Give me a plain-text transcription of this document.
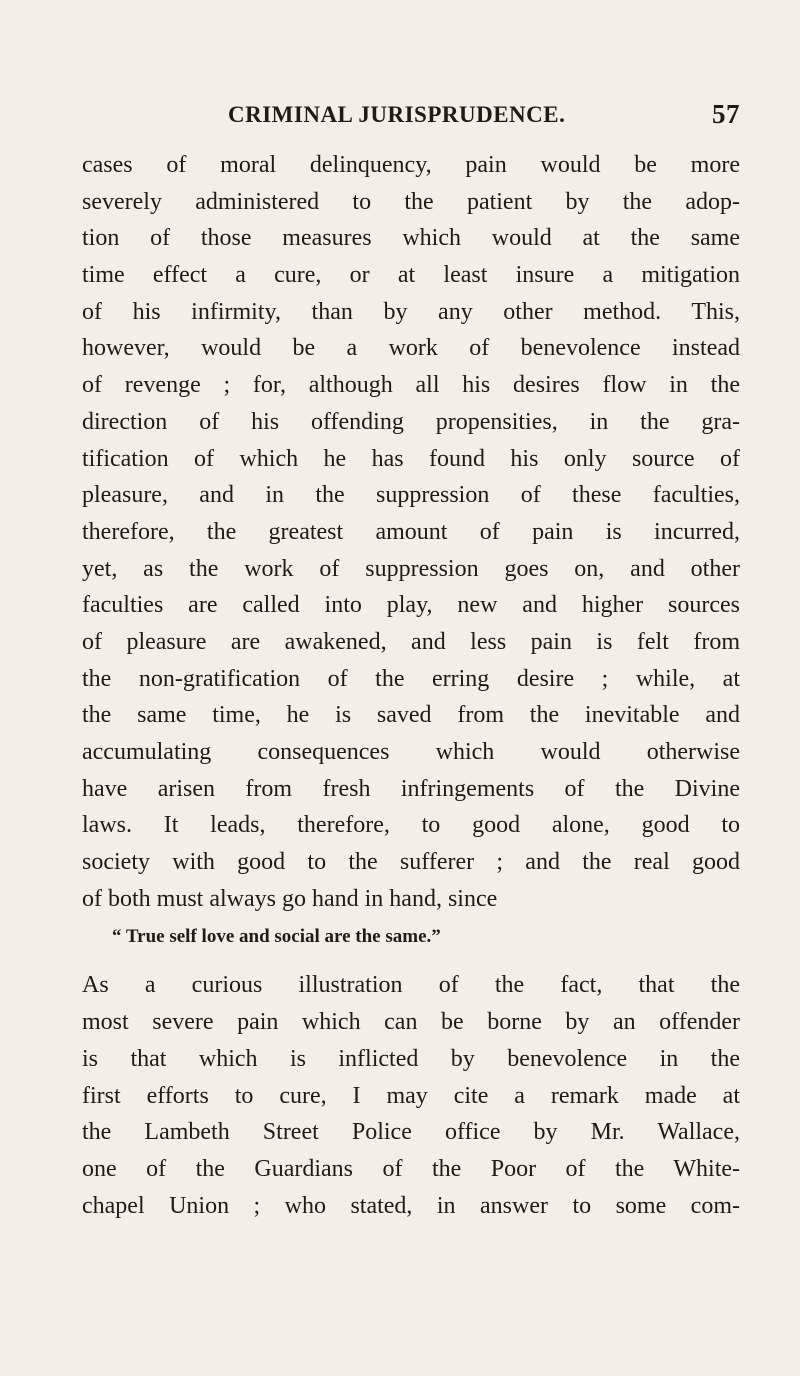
CRIMINAL JURISPRUDENCE.	57
cases of moral delinquency, pain would be more
severely administered to the patient by the adop-
tion of those measures which would at the same
time effect a cure, or at least insure a mitigation
of his infirmity, than by any other method. This,
however, would be a work of benevolence instead
of revenge ; for, although all his desires flow in the
direction of his offending propensities, in the gra-
tification of which he has found his only source of
pleasure, and in the suppression of these faculties,
therefore, the greatest amount of pain is incurred,
yet, as the work of suppression goes on, and other
faculties are called into play, new and higher sources
of pleasure are awakened, and less pain is felt from
the non-gratification of the erring desire ; while, at
the same time, he is saved from the inevitable and
accumulating consequences which would otherwise
have arisen from fresh infringements of the Divine
laws. It leads, therefore, to good alone, good to
society with good to the sufferer ; and the real good
of both must always go hand in hand, since
“ True self love and social are the same.”
As a curious illustration of the fact, that the
most severe pain which can be borne by an offender
is that which is inflicted by benevolence in the
first efforts to cure, I may cite a remark made at
the Lambeth Street Police office by Mr. Wallace,
one of the Guardians of the Poor of the White-
chapel Union ; who stated, in answer to some com-
